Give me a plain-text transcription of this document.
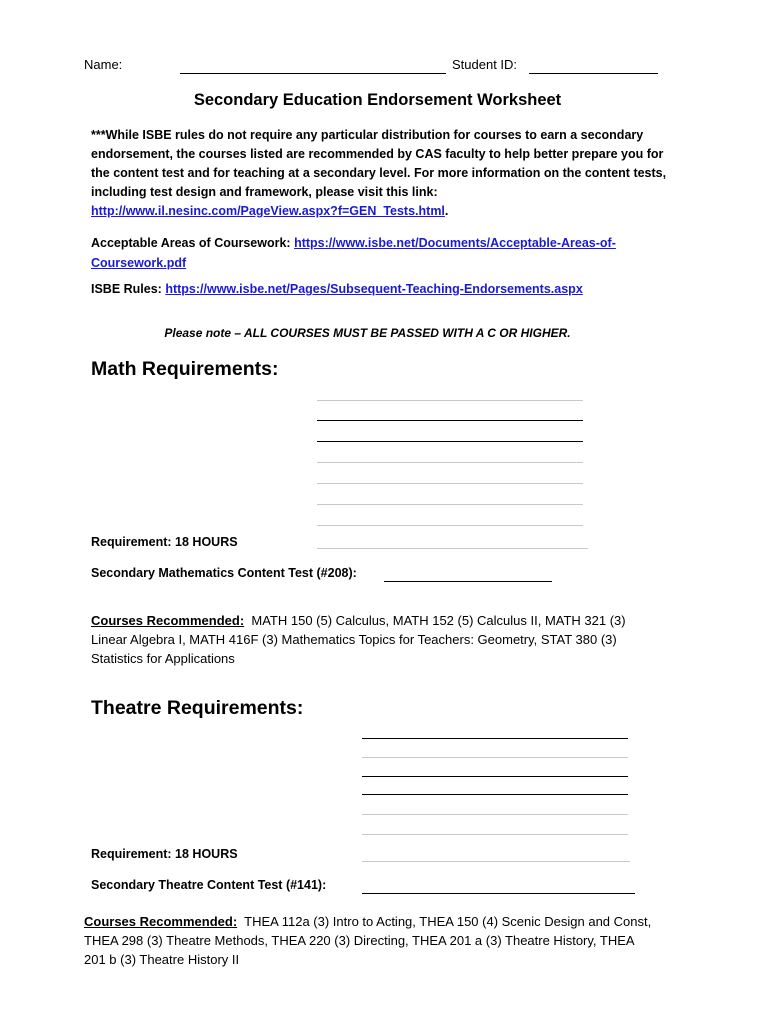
Name:	Student ID:
Secondary Education Endorsement Worksheet
***While ISBE rules do not require any particular distribution for courses to earn a secondary endorsement, the courses listed are recommended by CAS faculty to help better prepare you for the content test and for teaching at a secondary level. For more information on the content tests, including test design and framework, please visit this link: http://www.il.nesinc.com/PageView.aspx?f=GEN_Tests.html.
Acceptable Areas of Coursework: https://www.isbe.net/Documents/Acceptable-Areas-of-Coursework.pdf
ISBE Rules: https://www.isbe.net/Pages/Subsequent-Teaching-Endorsements.aspx
Please note – ALL COURSES MUST BE PASSED WITH A C OR HIGHER.
Math Requirements:
Requirement: 18 HOURS
Secondary Mathematics Content Test (#208):
Courses Recommended: MATH 150 (5) Calculus, MATH 152 (5) Calculus II, MATH 321 (3) Linear Algebra I, MATH 416F (3) Mathematics Topics for Teachers: Geometry, STAT 380 (3) Statistics for Applications
Theatre Requirements:
Requirement: 18 HOURS
Secondary Theatre Content Test (#141):
Courses Recommended: THEA 112a (3) Intro to Acting, THEA 150 (4) Scenic Design and Const, THEA 298 (3) Theatre Methods, THEA 220 (3) Directing, THEA 201 a (3) Theatre History, THEA 201 b (3) Theatre History II
